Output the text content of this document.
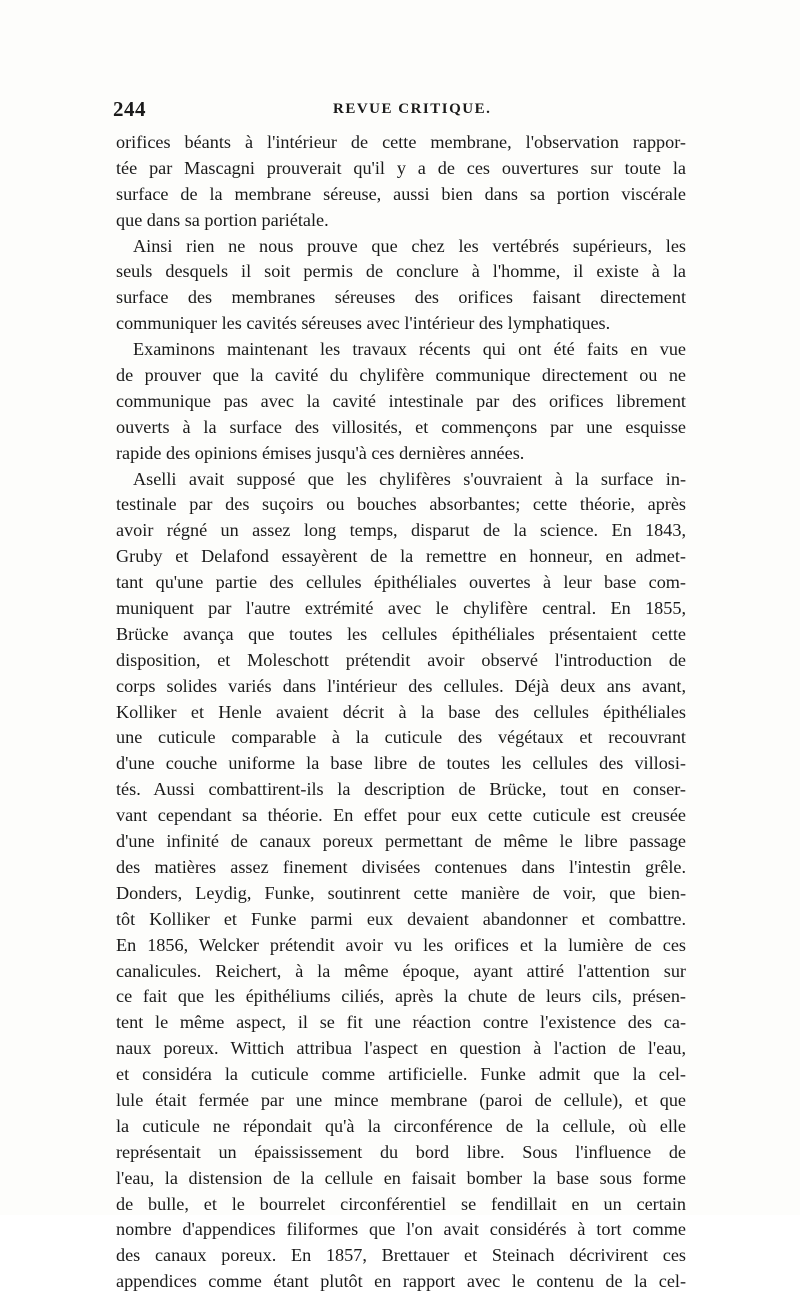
244	REVUE CRITIQUE.
orifices béants à l'intérieur de cette membrane, l'observation rappor-
tée par Mascagni prouverait qu'il y a de ces ouvertures sur toute la
surface de la membrane séreuse, aussi bien dans sa portion viscérale
que dans sa portion pariétale.
Ainsi rien ne nous prouve que chez les vertébrés supérieurs, les
seuls desquels il soit permis de conclure à l'homme, il existe à la
surface des membranes séreuses des orifices faisant directement
communiquer les cavités séreuses avec l'intérieur des lymphatiques.
Examinons maintenant les travaux récents qui ont été faits en vue
de prouver que la cavité du chylifère communique directement ou ne
communique pas avec la cavité intestinale par des orifices librement
ouverts à la surface des villosités, et commençons par une esquisse
rapide des opinions émises jusqu'à ces dernières années.
Aselli avait supposé que les chylifères s'ouvraient à la surface in-
testinale par des suçoirs ou bouches absorbantes; cette théorie, après
avoir régné un assez long temps, disparut de la science. En 1843,
Gruby et Delafond essayèrent de la remettre en honneur, en admet-
tant qu'une partie des cellules épithéliales ouvertes à leur base com-
muniquent par l'autre extrémité avec le chylifère central. En 1855,
Brücke avança que toutes les cellules épithéliales présentaient cette
disposition, et Moleschott prétendit avoir observé l'introduction de
corps solides variés dans l'intérieur des cellules. Déjà deux ans avant,
Kolliker et Henle avaient décrit à la base des cellules épithéliales
une cuticule comparable à la cuticule des végétaux et recouvrant
d'une couche uniforme la base libre de toutes les cellules des villosi-
tés. Aussi combattirent-ils la description de Brücke, tout en conser-
vant cependant sa théorie. En effet pour eux cette cuticule est creusée
d'une infinité de canaux poreux permettant de même le libre passage
des matières assez finement divisées contenues dans l'intestin grêle.
Donders, Leydig, Funke, soutinrent cette manière de voir, que bien-
tôt Kolliker et Funke parmi eux devaient abandonner et combattre.
En 1856, Welcker prétendit avoir vu les orifices et la lumière de ces
canalicules. Reichert, à la même époque, ayant attiré l'attention sur
ce fait que les épithéliums ciliés, après la chute de leurs cils, présen-
tent le même aspect, il se fit une réaction contre l'existence des ca-
naux poreux. Wittich attribua l'aspect en question à l'action de l'eau,
et considéra la cuticule comme artificielle. Funke admit que la cel-
lule était fermée par une mince membrane (paroi de cellule), et que
la cuticule ne répondait qu'à la circonférence de la cellule, où elle
représentait un épaississement du bord libre. Sous l'influence de
l'eau, la distension de la cellule en faisait bomber la base sous forme
de bulle, et le bourrelet circonférentiel se fendillait en un certain
nombre d'appendices filiformes que l'on avait considérés à tort comme
des canaux poreux. En 1857, Brettauer et Steinach décrivirent ces
appendices comme étant plutôt en rapport avec le contenu de la cel-
